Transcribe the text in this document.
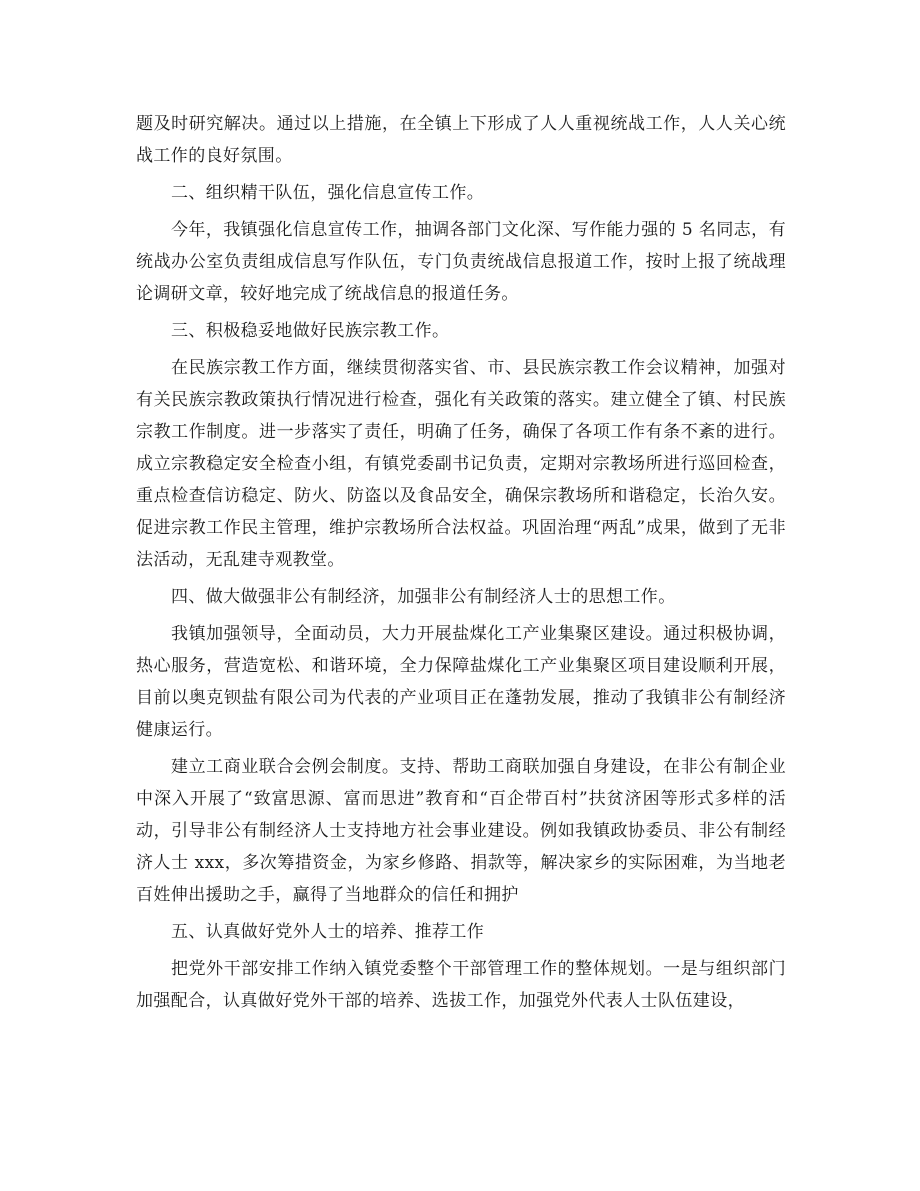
题及时研究解决。通过以上措施，在全镇上下形成了人人重视统战工作，人人关心统战工作的良好氛围。

二、组织精干队伍，强化信息宣传工作。

今年，我镇强化信息宣传工作，抽调各部门文化深、写作能力强的 5 名同志，有统战办公室负责组成信息写作队伍，专门负责统战信息报道工作，按时上报了统战理论调研文章，较好地完成了统战信息的报道任务。

三、积极稳妥地做好民族宗教工作。

在民族宗教工作方面，继续贯彻落实省、市、县民族宗教工作会议精神，加强对有关民族宗教政策执行情况进行检查，强化有关政策的落实。建立健全了镇、村民族宗教工作制度。进一步落实了责任，明确了任务，确保了各项工作有条不紊的进行。成立宗教稳定安全检查小组，有镇党委副书记负责，定期对宗教场所进行巡回检查，重点检查信访稳定、防火、防盗以及食品安全，确保宗教场所和谐稳定，长治久安。促进宗教工作民主管理，维护宗教场所合法权益。巩固治理“两乱”成果，做到了无非法活动，无乱建寺观教堂。

四、做大做强非公有制经济，加强非公有制经济人士的思想工作。

我镇加强领导，全面动员，大力开展盐煤化工产业集聚区建设。通过积极协调，热心服务，营造宽松、和谐环境，全力保障盐煤化工产业集聚区项目建设顺利开展，目前以奥克钡盐有限公司为代表的产业项目正在蓬勃发展，推动了我镇非公有制经济健康运行。

建立工商业联合会例会制度。支持、帮助工商联加强自身建设，在非公有制企业中深入开展了“致富思源、富而思进”教育和“百企带百村”扶贫济困等形式多样的活动，引导非公有制经济人士支持地方社会事业建设。例如我镇政协委员、非公有制经济人士 xxx，多次筹措资金，为家乡修路、捐款等，解决家乡的实际困难，为当地老百姓伸出援助之手，赢得了当地群众的信任和拥护

五、认真做好党外人士的培养、推荐工作

把党外干部安排工作纳入镇党委整个干部管理工作的整体规划。一是与组织部门加强配合，认真做好党外干部的培养、选拔工作，加强党外代表人士队伍建设，
